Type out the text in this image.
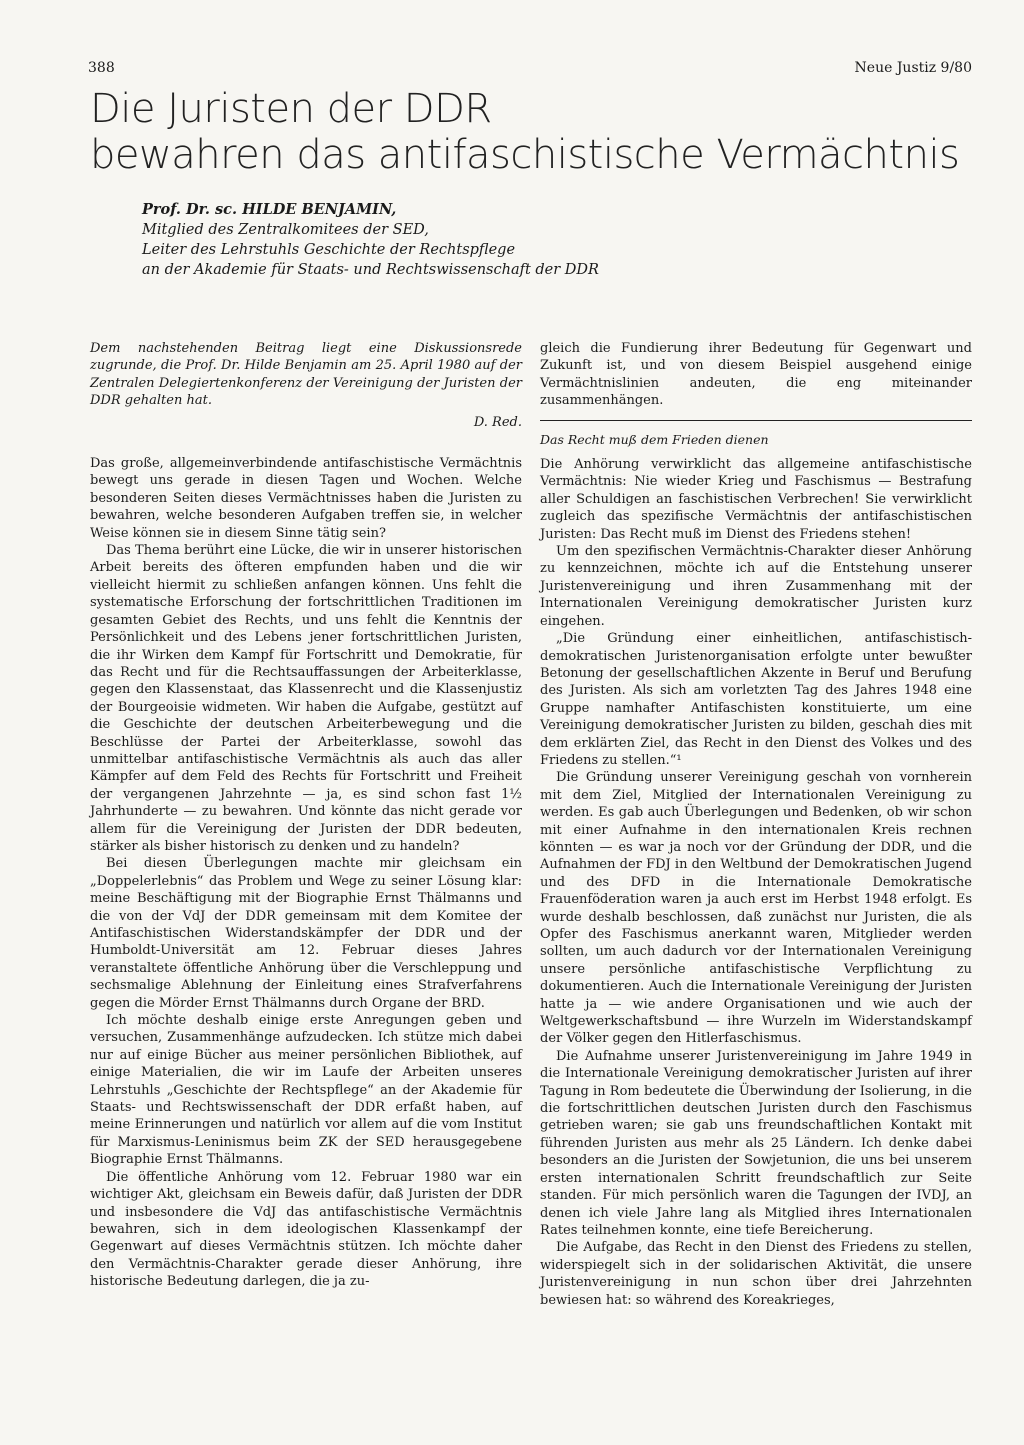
388	Neue Justiz 9/80
Die Juristen der DDR
bewahren das antifaschistische Vermächtnis
Prof. Dr. sc. HILDE BENJAMIN,
Mitglied des Zentralkomitees der SED,
Leiter des Lehrstuhls Geschichte der Rechtspflege
an der Akademie für Staats- und Rechtswissenschaft der DDR

Dem nachstehenden Beitrag liegt eine Diskussionsrede zugrunde, die Prof. Dr. Hilde Benjamin am 25. April 1980 auf der Zentralen Delegiertenkonferenz der Vereinigung der Juristen der DDR gehalten hat.

D. Red.

Das große, allgemeinverbindende antifaschistische Vermächtnis bewegt uns gerade in diesen Tagen und Wochen. Welche besonderen Seiten dieses Vermächtnisses haben die Juristen zu bewahren, welche besonderen Aufgaben treffen sie, in welcher Weise können sie in diesem Sinne tätig sein?

Das Thema berührt eine Lücke, die wir in unserer historischen Arbeit bereits des öfteren empfunden haben und die wir vielleicht hiermit zu schließen anfangen können. Uns fehlt die systematische Erforschung der fortschrittlichen Traditionen im gesamten Gebiet des Rechts, und uns fehlt die Kenntnis der Persönlichkeit und des Lebens jener fortschrittlichen Juristen, die ihr Wirken dem Kampf für Fortschritt und Demokratie, für das Recht und für die Rechtsauffassungen der Arbeiterklasse, gegen den Klassenstaat, das Klassenrecht und die Klassenjustiz der Bourgeoisie widmeten. Wir haben die Aufgabe, gestützt auf die Geschichte der deutschen Arbeiterbewegung und die Beschlüsse der Partei der Arbeiterklasse, sowohl das unmittelbar antifaschistische Vermächtnis als auch das aller Kämpfer auf dem Feld des Rechts für Fortschritt und Freiheit der vergangenen Jahrzehnte — ja, es sind schon fast 1½ Jahrhunderte — zu bewahren. Und könnte das nicht gerade vor allem für die Vereinigung der Juristen der DDR bedeuten, stärker als bisher historisch zu denken und zu handeln?

Bei diesen Überlegungen machte mir gleichsam ein „Doppelerlebnis“ das Problem und Wege zu seiner Lösung klar: meine Beschäftigung mit der Biographie Ernst Thälmanns und die von der VdJ der DDR gemeinsam mit dem Komitee der Antifaschistischen Widerstandskämpfer der DDR und der Humboldt-Universität am 12. Februar dieses Jahres veranstaltete öffentliche Anhörung über die Verschleppung und sechsmalige Ablehnung der Einleitung eines Strafverfahrens gegen die Mörder Ernst Thälmanns durch Organe der BRD.

Ich möchte deshalb einige erste Anregungen geben und versuchen, Zusammenhänge aufzudecken. Ich stütze mich dabei nur auf einige Bücher aus meiner persönlichen Bibliothek, auf einige Materialien, die wir im Laufe der Arbeiten unseres Lehrstuhls „Geschichte der Rechtspflege“ an der Akademie für Staats- und Rechtswissenschaft der DDR erfaßt haben, auf meine Erinnerungen und natürlich vor allem auf die vom Institut für Marxismus-Leninismus beim ZK der SED herausgegebene Biographie Ernst Thälmanns.

Die öffentliche Anhörung vom 12. Februar 1980 war ein wichtiger Akt, gleichsam ein Beweis dafür, daß Juristen der DDR und insbesondere die VdJ das antifaschistische Vermächtnis bewahren, sich in dem ideologischen Klassenkampf der Gegenwart auf dieses Vermächtnis stützen. Ich möchte daher den Vermächtnis-Charakter gerade dieser Anhörung, ihre historische Bedeutung darlegen, die ja zu-

gleich die Fundierung ihrer Bedeutung für Gegenwart und Zukunft ist, und von diesem Beispiel ausgehend einige Vermächtnislinien andeuten, die eng miteinander zusammenhängen.

Das Recht muß dem Frieden dienen

Die Anhörung verwirklicht das allgemeine antifaschistische Vermächtnis: Nie wieder Krieg und Faschismus — Bestrafung aller Schuldigen an faschistischen Verbrechen! Sie verwirklicht zugleich das spezifische Vermächtnis der antifaschistischen Juristen: Das Recht muß im Dienst des Friedens stehen!

Um den spezifischen Vermächtnis-Charakter dieser Anhörung zu kennzeichnen, möchte ich auf die Entstehung unserer Juristenvereinigung und ihren Zusammenhang mit der Internationalen Vereinigung demokratischer Juristen kurz eingehen.

„Die Gründung einer einheitlichen, antifaschistisch-demokratischen Juristenorganisation erfolgte unter bewußter Betonung der gesellschaftlichen Akzente in Beruf und Berufung des Juristen. Als sich am vorletzten Tag des Jahres 1948 eine Gruppe namhafter Antifaschisten konstituierte, um eine Vereinigung demokratischer Juristen zu bilden, geschah dies mit dem erklärten Ziel, das Recht in den Dienst des Volkes und des Friedens zu stellen.“¹

Die Gründung unserer Vereinigung geschah von vornherein mit dem Ziel, Mitglied der Internationalen Vereinigung zu werden. Es gab auch Überlegungen und Bedenken, ob wir schon mit einer Aufnahme in den internationalen Kreis rechnen könnten — es war ja noch vor der Gründung der DDR, und die Aufnahmen der FDJ in den Weltbund der Demokratischen Jugend und des DFD in die Internationale Demokratische Frauenföderation waren ja auch erst im Herbst 1948 erfolgt. Es wurde deshalb beschlossen, daß zunächst nur Juristen, die als Opfer des Faschismus anerkannt waren, Mitglieder werden sollten, um auch dadurch vor der Internationalen Vereinigung unsere persönliche antifaschistische Verpflichtung zu dokumentieren. Auch die Internationale Vereinigung der Juristen hatte ja — wie andere Organisationen und wie auch der Weltgewerkschaftsbund — ihre Wurzeln im Widerstandskampf der Völker gegen den Hitlerfaschismus.

Die Aufnahme unserer Juristenvereinigung im Jahre 1949 in die Internationale Vereinigung demokratischer Juristen auf ihrer Tagung in Rom bedeutete die Überwindung der Isolierung, in die die fortschrittlichen deutschen Juristen durch den Faschismus getrieben waren; sie gab uns freundschaftlichen Kontakt mit führenden Juristen aus mehr als 25 Ländern. Ich denke dabei besonders an die Juristen der Sowjetunion, die uns bei unserem ersten internationalen Schritt freundschaftlich zur Seite standen. Für mich persönlich waren die Tagungen der IVDJ, an denen ich viele Jahre lang als Mitglied ihres Internationalen Rates teilnehmen konnte, eine tiefe Bereicherung.

Die Aufgabe, das Recht in den Dienst des Friedens zu stellen, widerspiegelt sich in der solidarischen Aktivität, die unsere Juristenvereinigung in nun schon über drei Jahrzehnten bewiesen hat: so während des Koreakrieges,
